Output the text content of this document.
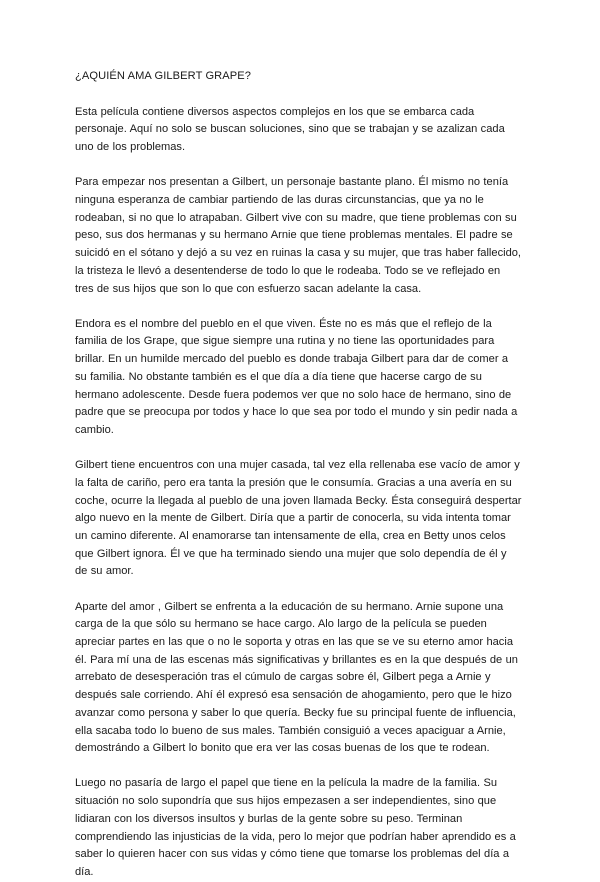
¿AQUIÉN AMA GILBERT GRAPE?

Esta película contiene diversos aspectos complejos en los que se embarca cada personaje. Aquí no solo se buscan soluciones, sino que se trabajan y se azalizan cada uno de los problemas.

Para empezar nos presentan a Gilbert, un personaje bastante plano. Él mismo no tenía ninguna esperanza de cambiar partiendo de las duras circunstancias, que ya no le rodeaban, si no que lo atrapaban. Gilbert vive con su madre, que tiene problemas con su peso, sus dos hermanas y su hermano Arnie que tiene problemas mentales. El padre se suicidó en el sótano y dejó a su vez en ruinas la casa y su mujer, que tras haber fallecido, la tristeza le llevó a desentenderse de todo lo que le rodeaba. Todo se ve reflejado en tres de sus hijos que son lo que con esfuerzo sacan adelante la casa.

Endora es el nombre del pueblo en el que viven. Éste no es más que el reflejo de la familia de los Grape, que sigue siempre una rutina y no tiene las oportunidades para brillar. En un humilde mercado del pueblo es donde trabaja Gilbert para dar de comer a su familia. No obstante también es el que día a día tiene que hacerse cargo de su hermano adolescente. Desde fuera podemos ver que no solo hace de hermano, sino de padre que se preocupa por todos y hace lo que sea por todo el mundo y sin pedir nada a cambio.

Gilbert tiene encuentros con una mujer casada, tal vez ella rellenaba ese vacío de amor y la falta de cariño, pero era tanta la presión que le consumía. Gracias a una avería en su coche, ocurre la llegada al pueblo de una joven llamada Becky. Ésta conseguirá despertar algo nuevo en la mente de Gilbert. Diría que a partir de conocerla, su vida intenta tomar un camino diferente. Al enamorarse tan intensamente de ella, crea en Betty unos celos que Gilbert ignora. Él ve que ha terminado siendo una mujer que solo dependía de él y de su amor.

Aparte del amor , Gilbert se enfrenta a la educación de su hermano. Arnie supone una carga de la que sólo su hermano se hace cargo. Alo largo de la película se pueden apreciar partes en las que o no le soporta y otras en las que se ve su eterno amor hacia él. Para mí una de las escenas más significativas y brillantes es en la que después de un arrebato de desesperación tras el cúmulo de cargas sobre él, Gilbert pega a Arnie y después sale corriendo. Ahí él expresó esa sensación de ahogamiento, pero que le hizo avanzar como persona y saber lo que quería. Becky fue su principal fuente de influencia, ella sacaba todo lo bueno de sus males. También consiguió a veces apaciguar a Arnie, demostrándo a Gilbert lo bonito que era ver las cosas buenas de los que te rodean.

Luego no pasaría de largo el papel que tiene en la película la madre de la familia. Su situación no solo supondría que sus hijos empezasen a ser independientes, sino que lidiaran con los diversos insultos y burlas de la gente sobre su peso. Terminan comprendiendo las injusticias de la vida, pero lo mejor que podrían haber aprendido es a saber lo quieren hacer con sus vidas y cómo tiene que tomarse los problemas del día a día.
